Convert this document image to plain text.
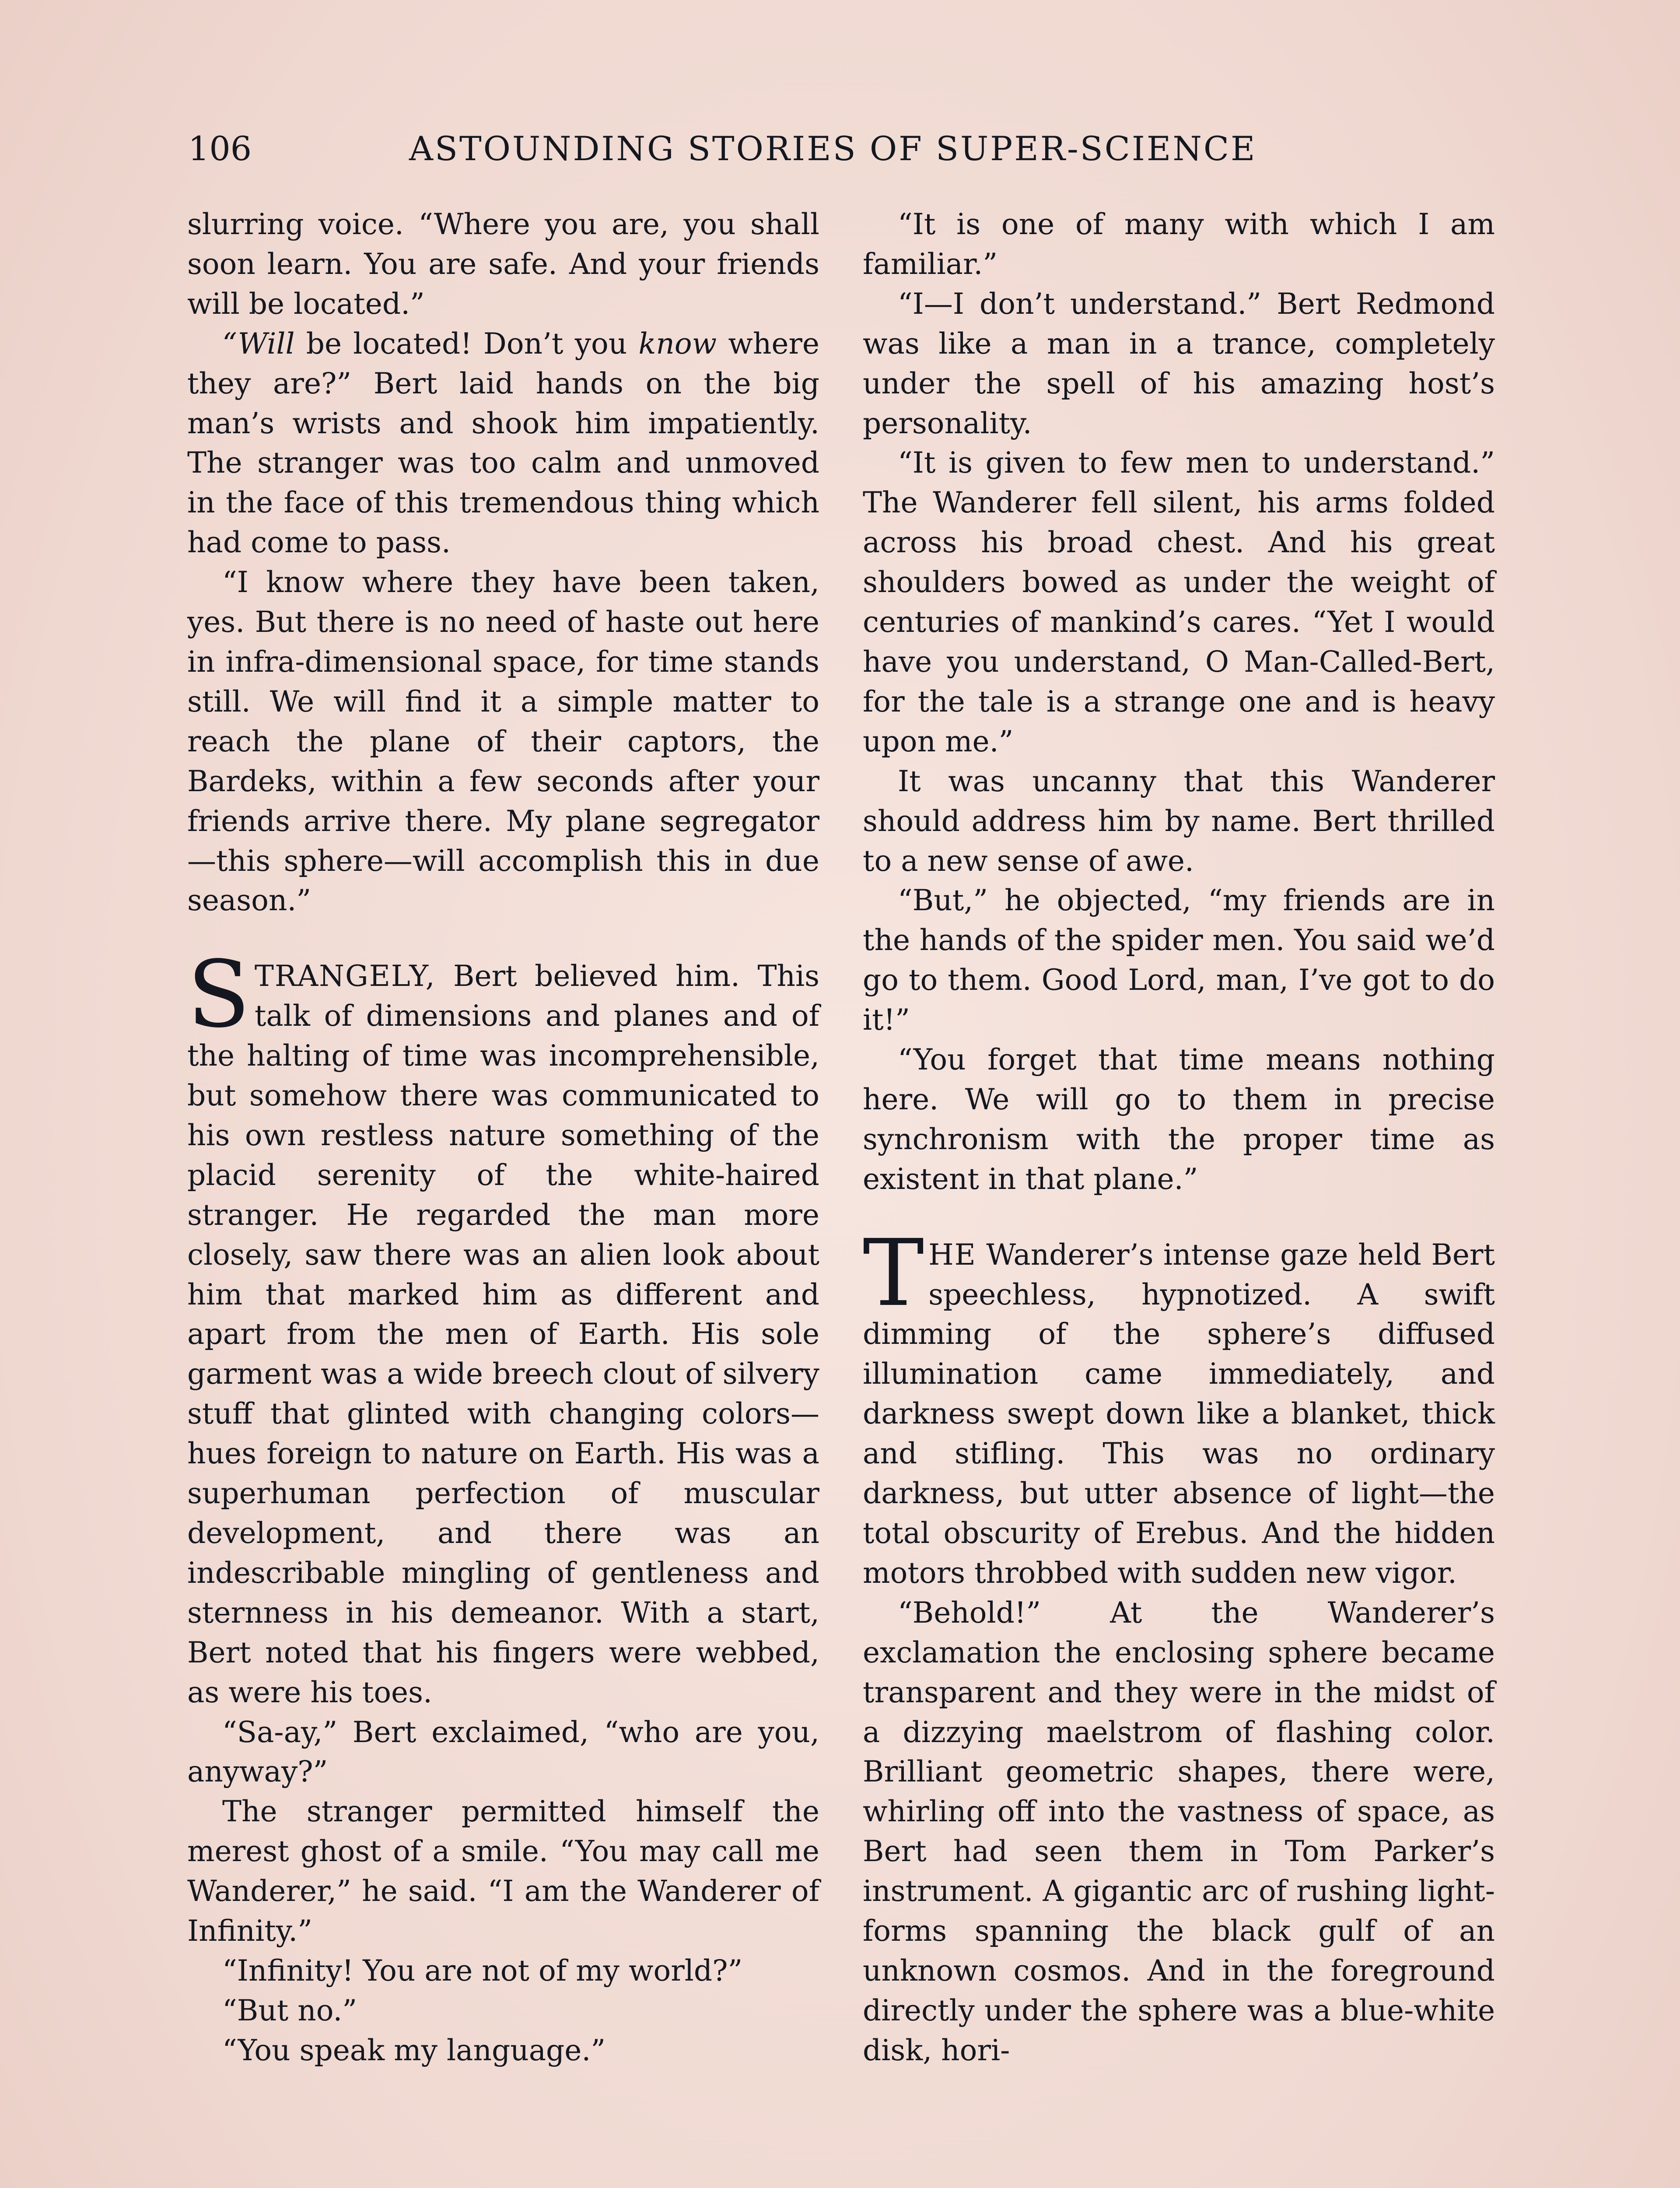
106	ASTOUNDING STORIES OF SUPER-SCIENCE

slurring voice. “Where you are, you shall soon learn. You are safe. And your friends will be located.”

“Will be located! Don’t you know where they are?” Bert laid hands on the big man’s wrists and shook him impatiently. The stranger was too calm and unmoved in the face of this tremendous thing which had come to pass.

“I know where they have been taken, yes. But there is no need of haste out here in infra-dimensional space, for time stands still. We will find it a simple matter to reach the plane of their captors, the Bardeks, within a few seconds after your friends arrive there. My plane segregator—this sphere—will accomplish this in due season.”

STRANGELY, Bert believed him. This talk of dimensions and planes and of the halting of time was incomprehensible, but somehow there was communicated to his own restless nature something of the placid serenity of the white-haired stranger. He regarded the man more closely, saw there was an alien look about him that marked him as different and apart from the men of Earth. His sole garment was a wide breech clout of silvery stuff that glinted with changing colors—hues foreign to nature on Earth. His was a superhuman perfection of muscular development, and there was an indescribable mingling of gentleness and sternness in his demeanor. With a start, Bert noted that his fingers were webbed, as were his toes.

“Sa-ay,” Bert exclaimed, “who are you, anyway?”

The stranger permitted himself the merest ghost of a smile. “You may call me Wanderer,” he said. “I am the Wanderer of Infinity.”

“Infinity! You are not of my world?”

“But no.”

“You speak my language.”

“It is one of many with which I am familiar.”

“I—I don’t understand.” Bert Redmond was like a man in a trance, completely under the spell of his amazing host’s personality.

“It is given to few men to understand.” The Wanderer fell silent, his arms folded across his broad chest. And his great shoulders bowed as under the weight of centuries of mankind’s cares. “Yet I would have you understand, O Man-Called-Bert, for the tale is a strange one and is heavy upon me.”

It was uncanny that this Wanderer should address him by name. Bert thrilled to a new sense of awe.

“But,” he objected, “my friends are in the hands of the spider men. You said we’d go to them. Good Lord, man, I’ve got to do it!”

“You forget that time means nothing here. We will go to them in precise synchronism with the proper time as existent in that plane.”

THE Wanderer’s intense gaze held Bert speechless, hypnotized. A swift dimming of the sphere’s diffused illumination came immediately, and darkness swept down like a blanket, thick and stifling. This was no ordinary darkness, but utter absence of light—the total obscurity of Erebus. And the hidden motors throbbed with sudden new vigor.

“Behold!” At the Wanderer’s exclamation the enclosing sphere became transparent and they were in the midst of a dizzying maelstrom of flashing color. Brilliant geometric shapes, there were, whirling off into the vastness of space, as Bert had seen them in Tom Parker’s instrument. A gigantic arc of rushing light-forms spanning the black gulf of an unknown cosmos. And in the foreground directly under the sphere was a blue-white disk, hori-
